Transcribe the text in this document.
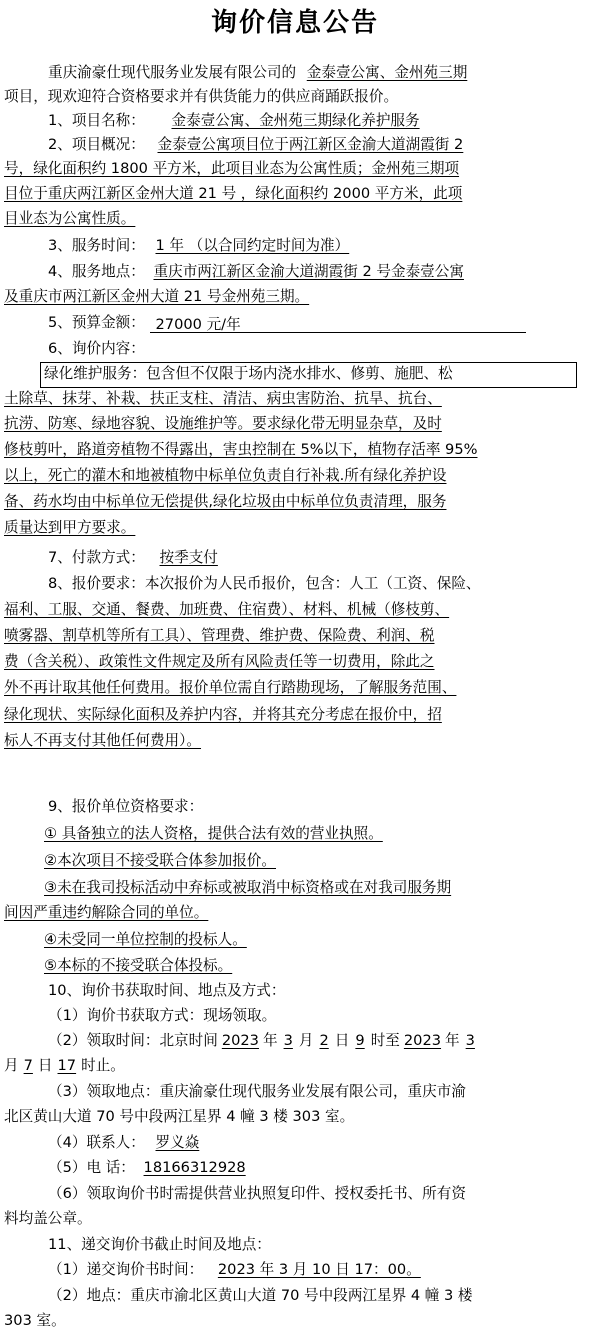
询价信息公告
重庆渝豪仕现代服务业发展有限公司的 金泰壹公寓、金州苑三期
项目，现欢迎符合资格要求并有供货能力的供应商踊跃报价。
1、项目名称： 金泰壹公寓、金州苑三期绿化养护服务
2、项目概况： 金泰壹公寓项目位于两江新区金渝大道湖霞街 2
号，绿化面积约 1800 平方米，此项目业态为公寓性质；金州苑三期项
目位于重庆两江新区金州大道 21 号 ，绿化面积约 2000 平方米，此项
目业态为公寓性质。
3、服务时间： 1 年 （以合同约定时间为准）
4、服务地点： 重庆市两江新区金渝大道湖霞街 2 号金泰壹公寓
及重庆市两江新区金州大道 21 号金州苑三期。
5、预算金额： 27000 元/年
6、询价内容：
绿化维护服务：包含但不仅限于场内浇水排水、修剪、施肥、松
土除草、抹芽、补栽、扶正支柱、清洁、病虫害防治、抗旱、抗台、
抗涝、防寒、绿地容貌、设施维护等。要求绿化带无明显杂草，及时
修枝剪叶，路道旁植物不得露出，害虫控制在 5%以下，植物存活率 95%
以上，死亡的灌木和地被植物中标单位负责自行补栽.所有绿化养护设
备、药水均由中标单位无偿提供,绿化垃圾由中标单位负责清理，服务
质量达到甲方要求。
7、付款方式： 按季支付
8、报价要求：本次报价为人民币报价，包含：人工（工资、保险、
福利、工服、交通、餐费、加班费、住宿费）、材料、机械（修枝剪、
喷雾器、割草机等所有工具）、管理费、维护费、保险费、利润、税
费（含关税）、政策性文件规定及所有风险责任等一切费用，除此之
外不再计取其他任何费用。报价单位需自行踏勘现场，了解服务范围、
绿化现状、实际绿化面积及养护内容，并将其充分考虑在报价中，招
标人不再支付其他任何费用）。
9、报价单位资格要求：
① 具备独立的法人资格，提供合法有效的营业执照。
②本次项目不接受联合体参加报价。
③未在我司投标活动中弃标或被取消中标资格或在对我司服务期
间因严重违约解除合同的单位。
④未受同一单位控制的投标人。
⑤本标的不接受联合体投标。
10、询价书获取时间、地点及方式：
（1）询价书获取方式：现场领取。
（2）领取时间：北京时间 2023 年 3 月 2 日 9 时至 2023 年 3
月 7 日 17 时止。
（3）领取地点：重庆渝豪仕现代服务业发展有限公司，重庆市渝
北区黄山大道 70 号中段两江星界 4 幢 3 楼 303 室。
（4）联系人： 罗义焱
（5）电 话： 18166312928
（6）领取询价书时需提供营业执照复印件、授权委托书、所有资
料均盖公章。
11、递交询价书截止时间及地点：
（1）递交询价书时间： 2023 年 3 月 10 日 17：00。
（2）地点：重庆市渝北区黄山大道 70 号中段两江星界 4 幢 3 楼
303 室。
